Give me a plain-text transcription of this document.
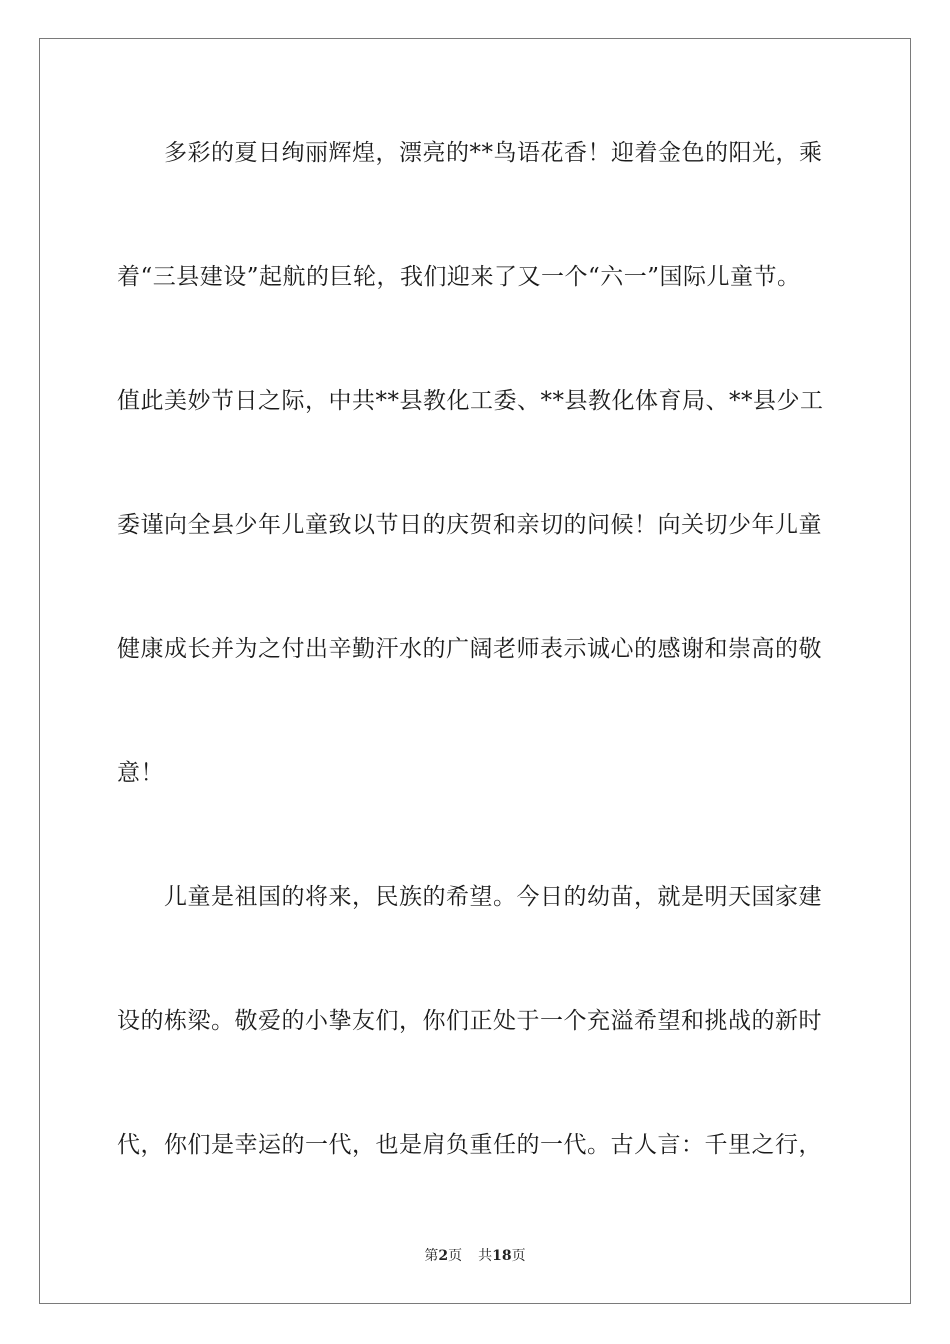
　　多彩的夏日绚丽辉煌，漂亮的**鸟语花香！迎着金色的阳光，乘
着“三县建设”起航的巨轮，我们迎来了又一个“六一”国际儿童节。
值此美妙节日之际，中共**县教化工委、**县教化体育局、**县少工
委谨向全县少年儿童致以节日的庆贺和亲切的问候！向关切少年儿童
健康成长并为之付出辛勤汗水的广阔老师表示诚心的感谢和崇高的敬
意！
　　儿童是祖国的将来，民族的希望。今日的幼苗，就是明天国家建
设的栋梁。敬爱的小挚友们，你们正处于一个充溢希望和挑战的新时
代，你们是幸运的一代，也是肩负重任的一代。古人言：千里之行，
第2页 共18页
